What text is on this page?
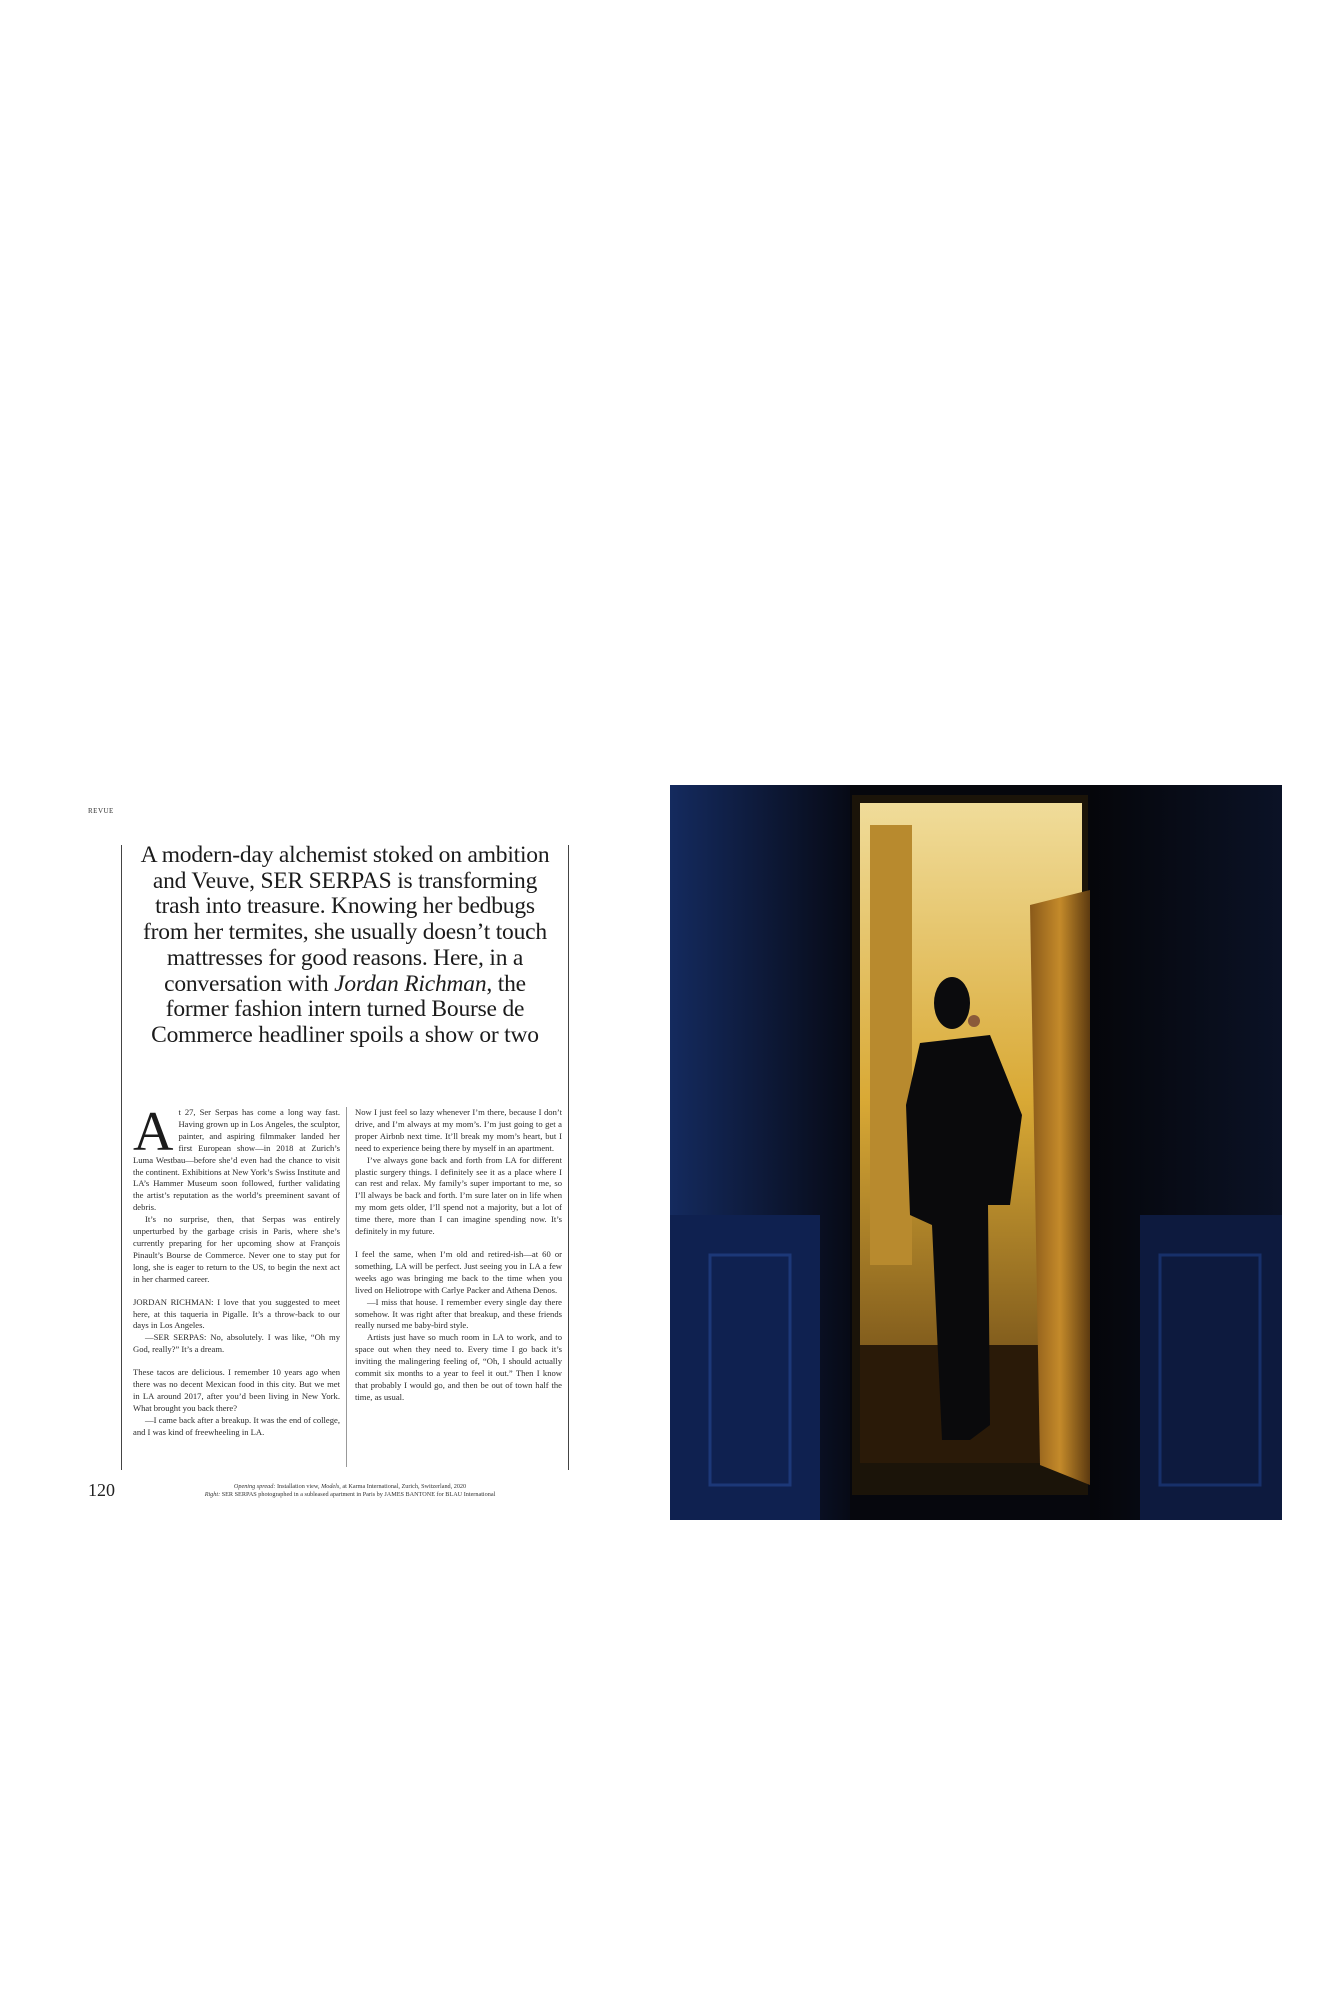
REVUE
A modern-day alchemist stoked on ambition and Veuve, SER SERPAS is transforming trash into treasure. Knowing her bedbugs from her termites, she usually doesn’t touch mattresses for good reasons. Here, in a conversation with Jordan Richman, the former fashion intern turned Bourse de Commerce headliner spoils a show or two

At 27, Ser Serpas has come a long way fast. Having grown up in Los Angeles, the sculptor, painter, and aspiring filmmaker landed her first European show—in 2018 at Zurich’s Luma Westbau—before she’d even had the chance to visit the continent. Exhibitions at New York’s Swiss Institute and LA’s Hammer Museum soon followed, further validating the artist’s reputation as the world’s preeminent savant of debris.

It’s no surprise, then, that Serpas was entirely unperturbed by the garbage crisis in Paris, where she’s currently preparing for her upcoming show at François Pinault’s Bourse de Commerce. Never one to stay put for long, she is eager to return to the US, to begin the next act in her charmed career.

JORDAN RICHMAN: I love that you suggested to meet here, at this taqueria in Pigalle. It’s a throw-back to our days in Los Angeles.

—SER SERPAS: No, absolutely. I was like, “Oh my God, really?” It’s a dream.

These tacos are delicious. I remember 10 years ago when there was no decent Mexican food in this city. But we met in LA around 2017, after you’d been living in New York. What brought you back there?

—I came back after a breakup. It was the end of college, and I was kind of freewheeling in LA.

Now I just feel so lazy whenever I’m there, because I don’t drive, and I’m always at my mom’s. I’m just going to get a proper Airbnb next time. It’ll break my mom’s heart, but I need to experience being there by myself in an apartment.

I’ve always gone back and forth from LA for different plastic surgery things. I definitely see it as a place where I can rest and relax. My family’s super important to me, so I’ll always be back and forth. I’m sure later on in life when my mom gets older, I’ll spend not a majority, but a lot of time there, more than I can imagine spending now. It’s definitely in my future.

I feel the same, when I’m old and retired-ish—at 60 or something, LA will be perfect. Just seeing you in LA a few weeks ago was bringing me back to the time when you lived on Heliotrope with Carlye Packer and Athena Denos.

—I miss that house. I remember every single day there somehow. It was right after that breakup, and these friends really nursed me baby-bird style.

Artists just have so much room in LA to work, and to space out when they need to. Every time I go back it’s inviting the malingering feeling of, “Oh, I should actually commit six months to a year to feel it out.” Then I know that probably I would go, and then be out of town half the time, as usual.

120	Opening spread: Installation view, Models, at Karma International, Zurich, Switzerland, 2020
Right: SER SERPAS photographed in a subleased apartment in Paris by JAMES BANTONE for BLAU International
